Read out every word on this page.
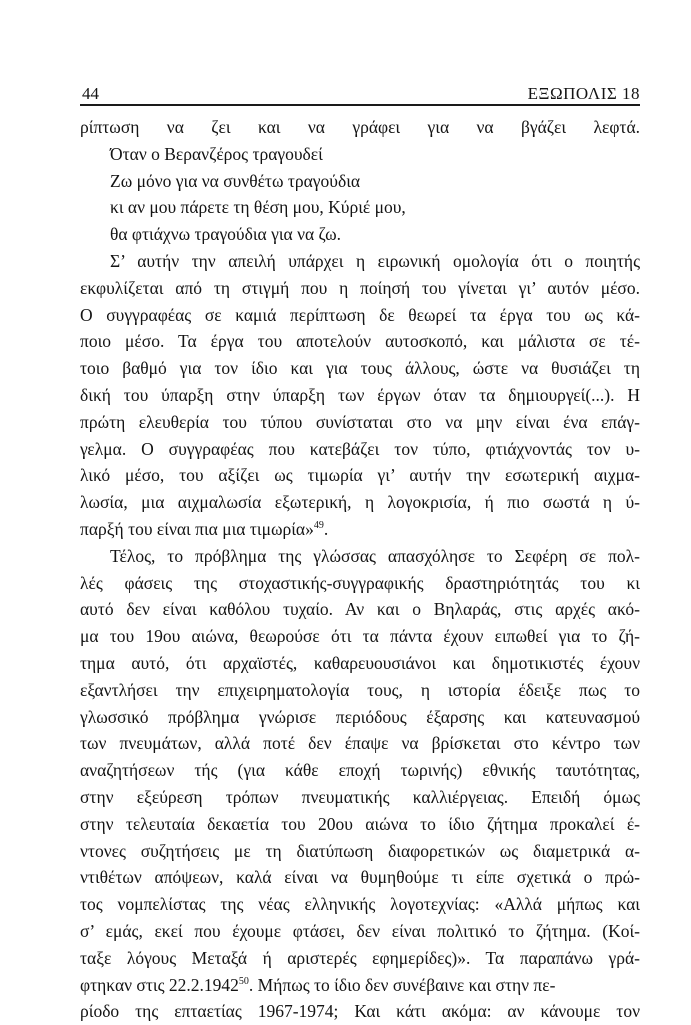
44	ΕΞΩΠΟΛΙΣ 18
ρίπτωση να ζει και να γράφει για να βγάζει λεφτά.
Όταν ο Βερανζέρος τραγουδεί
Ζω μόνο για να συνθέτω τραγούδια
κι αν μου πάρετε τη θέση μου, Κύριέ μου,
θα φτιάχνω τραγούδια για να ζω.
Σ’ αυτήν την απειλή υπάρχει η ειρωνική ομολογία ότι ο ποιητής
εκφυλίζεται από τη στιγμή που η ποίησή του γίνεται γι’ αυτόν μέσο.
Ο συγγραφέας σε καμιά περίπτωση δε θεωρεί τα έργα του ως κά-
ποιο μέσο. Τα έργα του αποτελούν αυτοσκοπό, και μάλιστα σε τέ-
τοιο βαθμό για τον ίδιο και για τους άλλους, ώστε να θυσιάζει τη
δική του ύπαρξη στην ύπαρξη των έργων όταν τα δημιουργεί(...). Η
πρώτη ελευθερία του τύπου συνίσταται στο να μην είναι ένα επάγ-
γελμα. Ο συγγραφέας που κατεβάζει τον τύπο, φτιάχνοντάς τον υ-
λικό μέσο, του αξίζει ως τιμωρία γι’ αυτήν την εσωτερική αιχμα-
λωσία, μια αιχμαλωσία εξωτερική, η λογοκρισία, ή πιο σωστά η ύ-
παρξή του είναι πια μια τιμωρία»$^{49}$.
Τέλος, το πρόβλημα της γλώσσας απασχόλησε το Σεφέρη σε πολ-
λές φάσεις της στοχαστικής-συγγραφικής δραστηριότητάς του κι
αυτό δεν είναι καθόλου τυχαίο. Αν και ο Βηλαράς, στις αρχές ακό-
μα του 19ου αιώνα, θεωρούσε ότι τα πάντα έχουν ειπωθεί για το ζή-
τημα αυτό, ότι αρχαϊστές, καθαρευουσιάνοι και δημοτικιστές έχουν
εξαντλήσει την επιχειρηματολογία τους, η ιστορία έδειξε πως το
γλωσσικό πρόβλημα γνώρισε περιόδους έξαρσης και κατευνασμού
των πνευμάτων, αλλά ποτέ δεν έπαψε να βρίσκεται στο κέντρο των
αναζητήσεων τής (για κάθε εποχή τωρινής) εθνικής ταυτότητας,
στην εξεύρεση τρόπων πνευματικής καλλιέργειας. Επειδή όμως
στην τελευταία δεκαετία του 20ου αιώνα το ίδιο ζήτημα προκαλεί έ-
ντονες συζητήσεις με τη διατύπωση διαφορετικών ως διαμετρικά α-
ντιθέτων απόψεων, καλά είναι να θυμηθούμε τι είπε σχετικά ο πρώ-
τος νομπελίστας της νέας ελληνικής λογοτεχνίας: «Αλλά μήπως και
σ’ εμάς, εκεί που έχουμε φτάσει, δεν είναι πολιτικό το ζήτημα. (Κοί-
ταξε λόγους Μεταξά ή αριστερές εφημερίδες)». Τα παραπάνω γρά-
φτηκαν στις 22.2.1942$^{50}$. Μήπως το ίδιο δεν συνέβαινε και στην πε-
ρίοδο της επταετίας 1967-1974; Και κάτι ακόμα: αν κάνουμε τον
